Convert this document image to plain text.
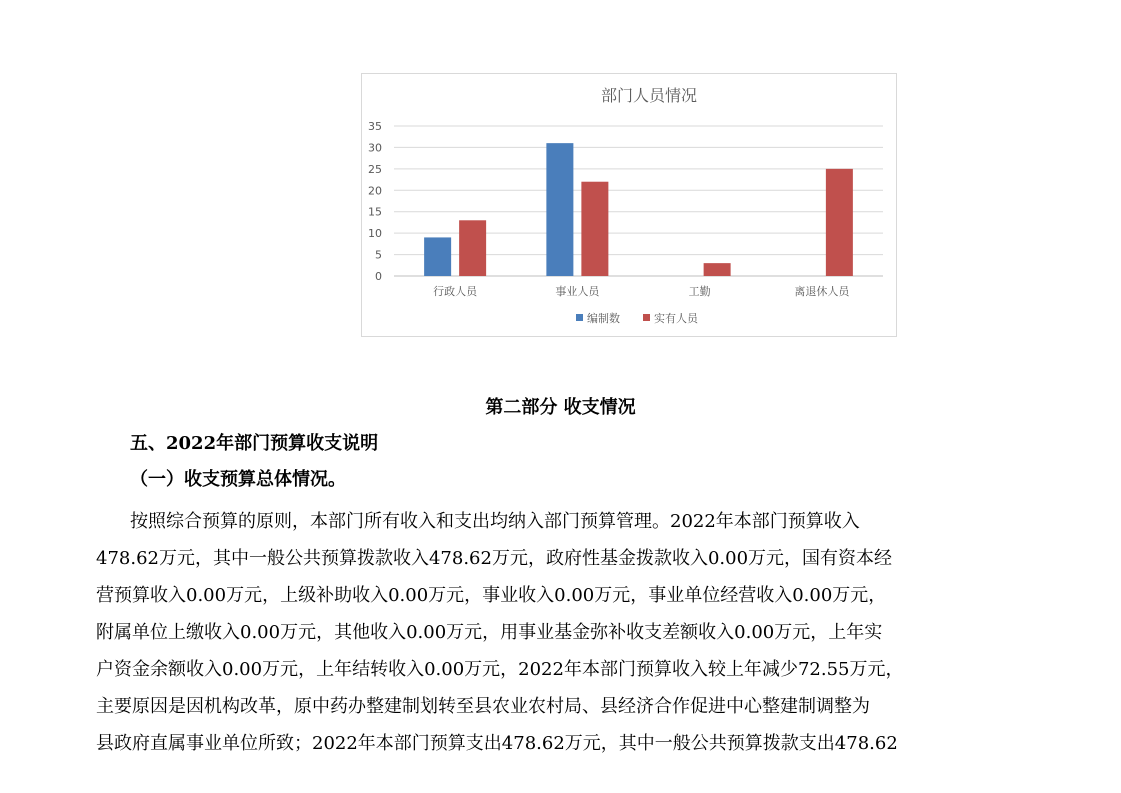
部门人员情况
0
5
10
15
20
25
30
35
行政人员	事业人员	工勤	离退休人员
编制数	实有人员
第二部分 收支情况
五、2022年部门预算收支说明
（一）收支预算总体情况。
按照综合预算的原则，本部门所有收入和支出均纳入部门预算管理。2022年本部门预算收入
478.62万元，其中一般公共预算拨款收入478.62万元，政府性基金拨款收入0.00万元，国有资本经
营预算收入0.00万元，上级补助收入0.00万元，事业收入0.00万元，事业单位经营收入0.00万元，
附属单位上缴收入0.00万元，其他收入0.00万元，用事业基金弥补收支差额收入0.00万元，上年实
户资金余额收入0.00万元，上年结转收入0.00万元，2022年本部门预算收入较上年减少72.55万元，
主要原因是因机构改革，原中药办整建制划转至县农业农村局、县经济合作促进中心整建制调整为
县政府直属事业单位所致；2022年本部门预算支出478.62万元，其中一般公共预算拨款支出478.62
